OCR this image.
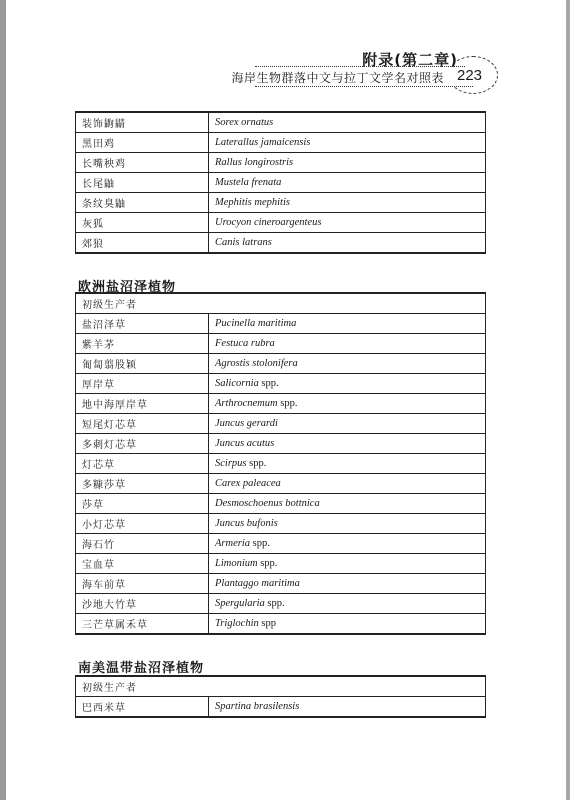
附录(第二章)
海岸生物群落中文与拉丁文学名对照表 223
装饰鼩鼱	Sorex ornatus
黑田鸡	Laterallus jamaicensis
长嘴秧鸡	Rallus longirostris
长尾鼬	Mustela frenata
条纹臭鼬	Mephitis mephitis
灰狐	Urocyon cineroargenteus
郊狼	Canis latrans
欧洲盐沼泽植物
初级生产者	
盐沼泽草	Pucinella maritima
紫羊茅	Festuca rubra
匍匐翦股颖	Agrostis stolonifera
厚岸草	Salicornia spp.
地中海厚岸草	Arthrocnemum spp.
短尾灯芯草	Juncus gerardi
多刺灯芯草	Juncus acutus
灯芯草	Scirpus spp.
多糠莎草	Carex paleacea
莎草	Desmoschoenus bottnica
小灯芯草	Juncus bufonis
海石竹	Armeria spp.
宝血草	Limonium spp.
海车前草	Plantaggo maritima
沙地大竹草	Spergularia spp.
三芒草属禾草	Triglochin spp
南美温带盐沼泽植物
初级生产者
巴西米草	Spartina brasilensis
